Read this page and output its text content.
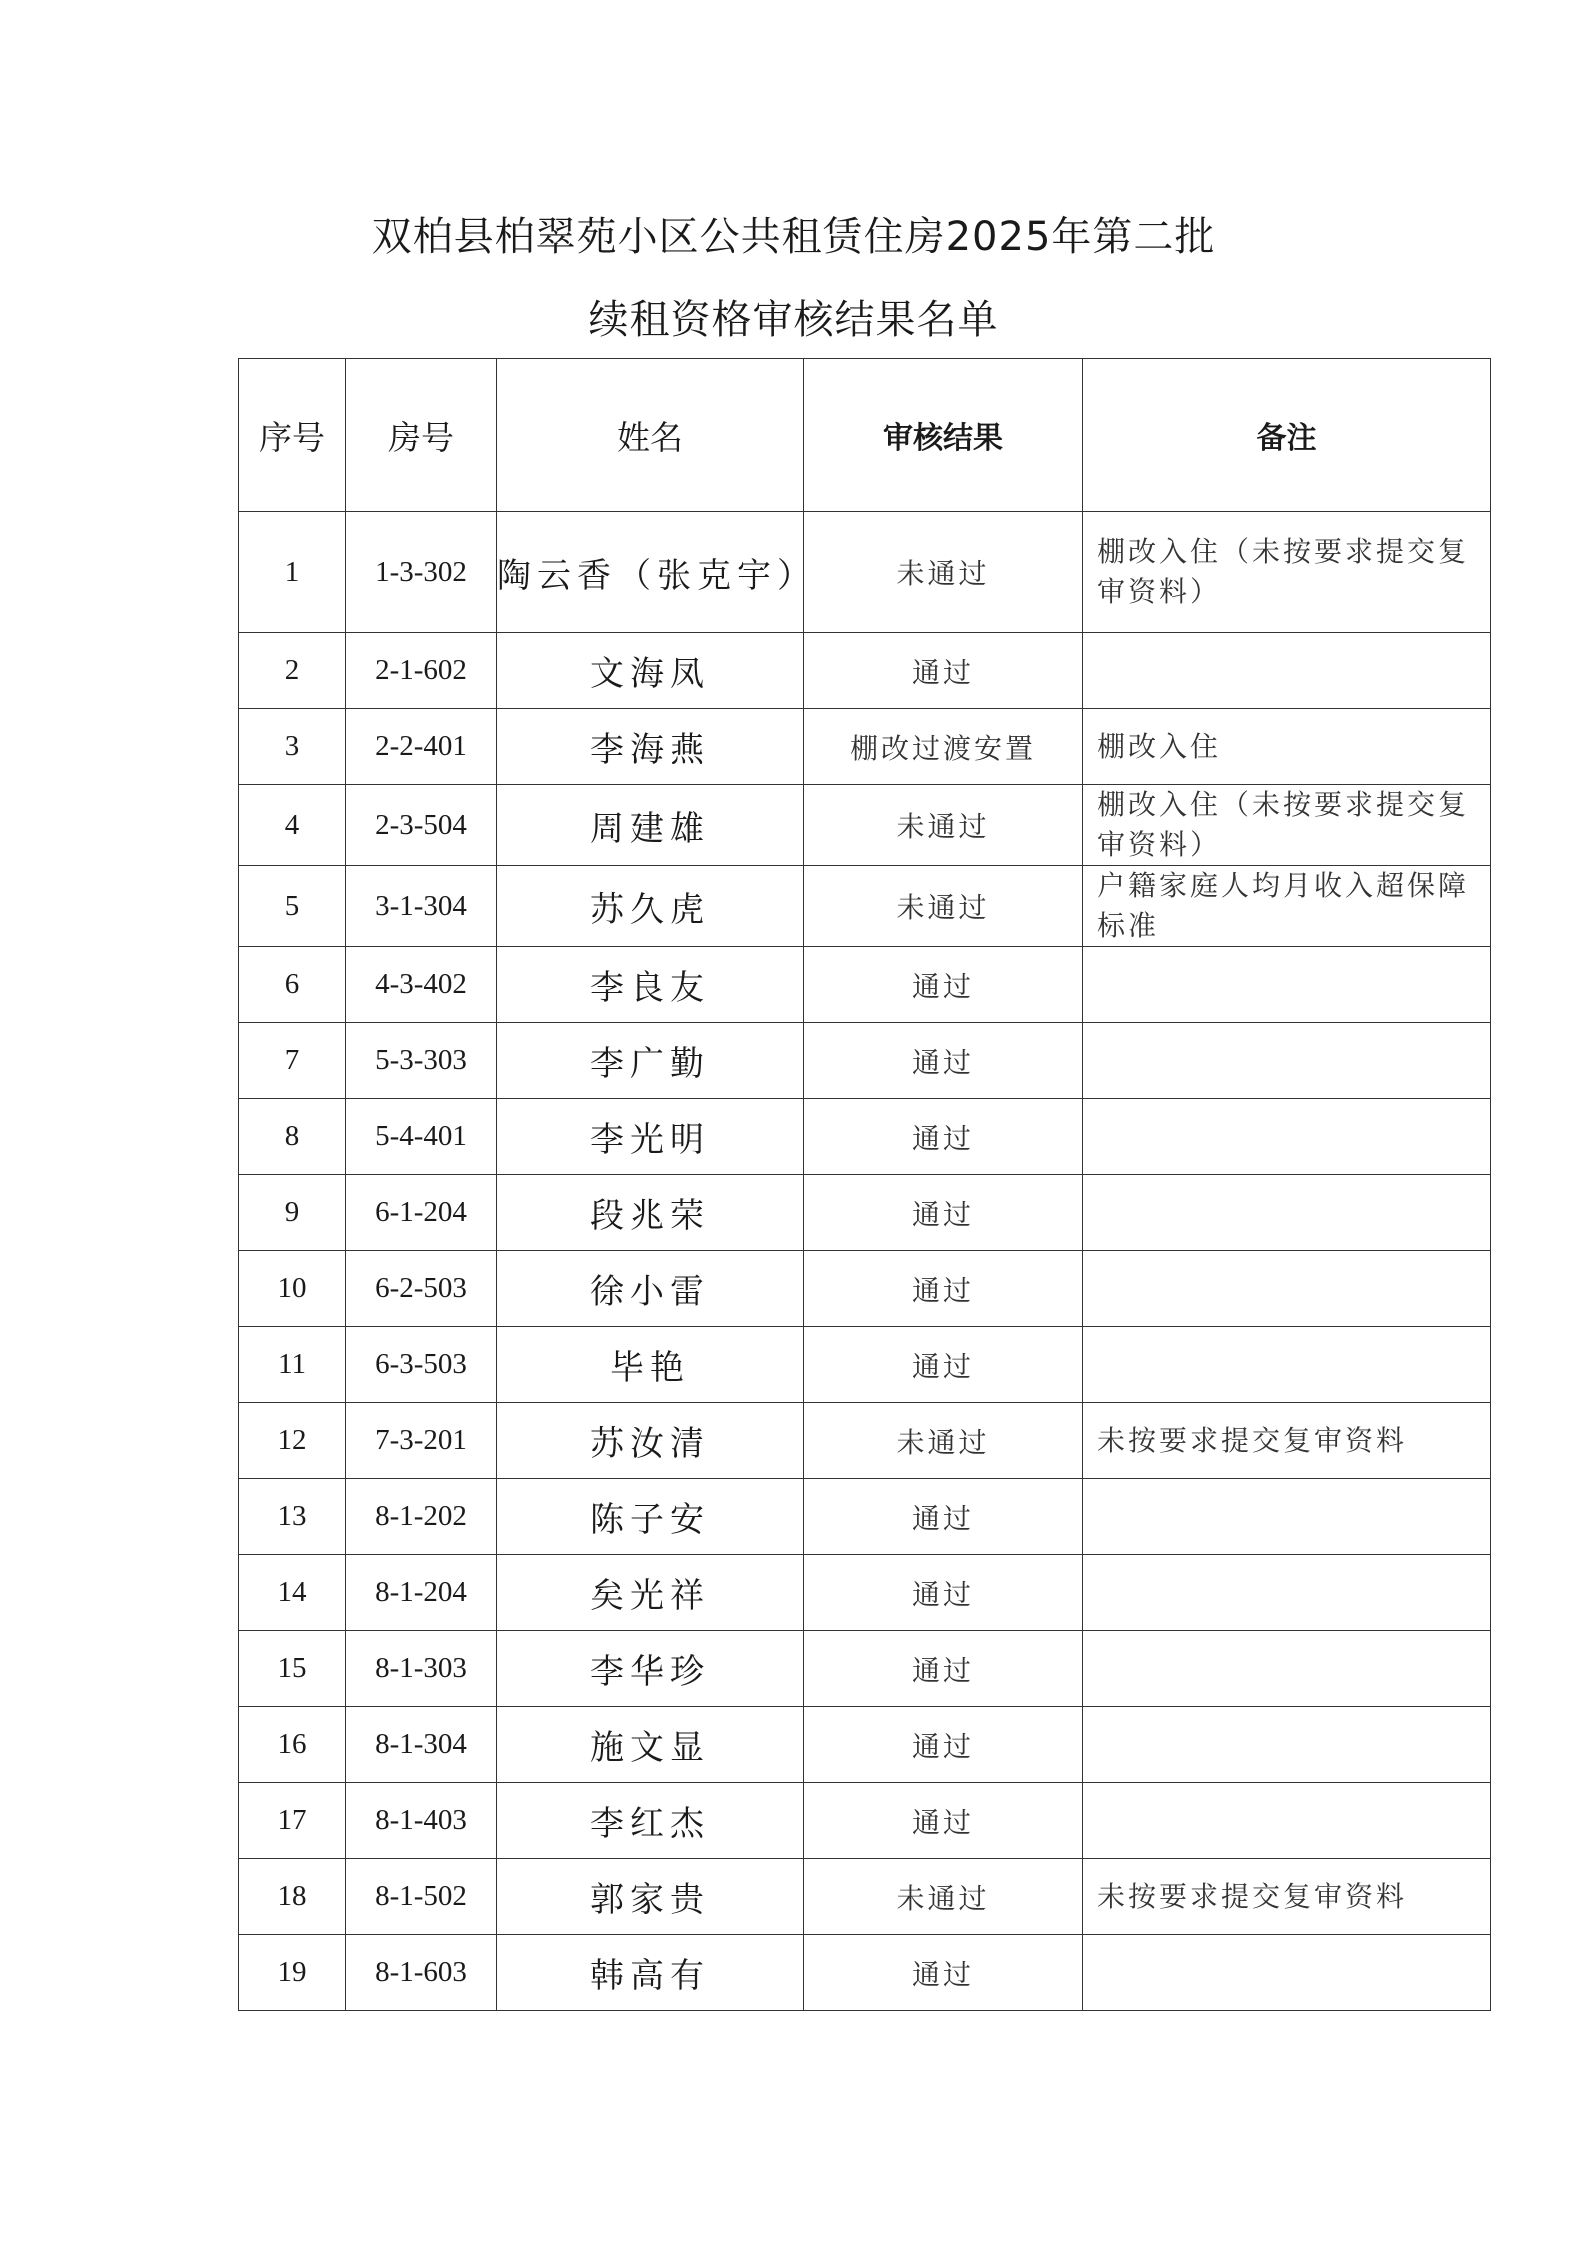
双柏县柏翠苑小区公共租赁住房2025年第二批
续租资格审核结果名单
序号	房号	姓名	审核结果	备注
1	1-3-302	陶云香（张克宇）	未通过	棚改入住（未按要求提交复审资料）
2	2-1-602	文海凤	通过	
3	2-2-401	李海燕	棚改过渡安置	棚改入住
4	2-3-504	周建雄	未通过	棚改入住（未按要求提交复审资料）
5	3-1-304	苏久虎	未通过	户籍家庭人均月收入超保障标准
6	4-3-402	李良友	通过	
7	5-3-303	李广勤	通过	
8	5-4-401	李光明	通过	
9	6-1-204	段兆荣	通过	
10	6-2-503	徐小雷	通过	
11	6-3-503	毕艳	通过	
12	7-3-201	苏汝清	未通过	未按要求提交复审资料
13	8-1-202	陈子安	通过	
14	8-1-204	矣光祥	通过	
15	8-1-303	李华珍	通过	
16	8-1-304	施文显	通过	
17	8-1-403	李红杰	通过	
18	8-1-502	郭家贵	未通过	未按要求提交复审资料
19	8-1-603	韩高有	通过	
